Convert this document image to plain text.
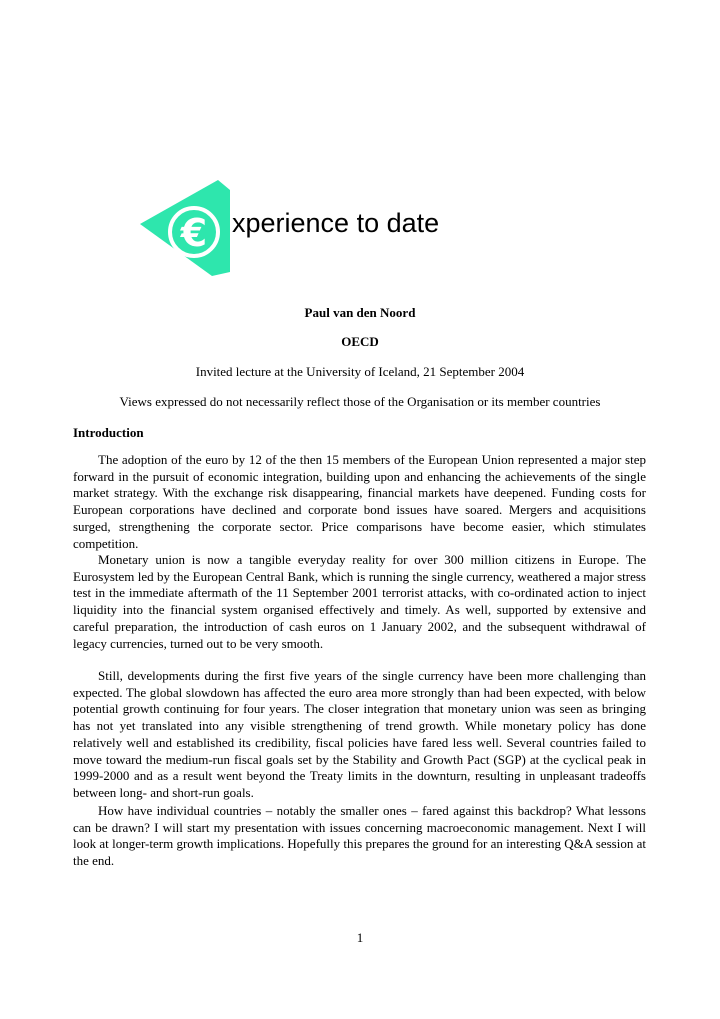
€ xperience to date
Paul van den Noord
OECD
Invited lecture at the University of Iceland, 21 September 2004
Views expressed do not necessarily reflect those of the Organisation or its member countries
Introduction

The adoption of the euro by 12 of the then 15 members of the European Union represented a major step forward in the pursuit of economic integration, building upon and enhancing the achievements of the single market strategy. With the exchange risk disappearing, financial markets have deepened. Funding costs for European corporations have declined and corporate bond issues have soared. Mergers and acquisitions surged, strengthening the corporate sector. Price comparisons have become easier, which stimulates competition.

Monetary union is now a tangible everyday reality for over 300 million citizens in Europe. The Eurosystem led by the European Central Bank, which is running the single currency, weathered a major stress test in the immediate aftermath of the 11 September 2001 terrorist attacks, with co-ordinated action to inject liquidity into the financial system organised effectively and timely. As well, supported by extensive and careful preparation, the introduction of cash euros on 1 January 2002, and the subsequent withdrawal of legacy currencies, turned out to be very smooth.

Still, developments during the first five years of the single currency have been more challenging than expected. The global slowdown has affected the euro area more strongly than had been expected, with below potential growth continuing for four years. The closer integration that monetary union was seen as bringing has not yet translated into any visible strengthening of trend growth. While monetary policy has done relatively well and established its credibility, fiscal policies have fared less well. Several countries failed to move toward the medium-run fiscal goals set by the Stability and Growth Pact (SGP) at the cyclical peak in 1999-2000 and as a result went beyond the Treaty limits in the downturn, resulting in unpleasant tradeoffs between long- and short-run goals.

How have individual countries – notably the smaller ones – fared against this backdrop? What lessons can be drawn? I will start my presentation with issues concerning macroeconomic management. Next I will look at longer-term growth implications. Hopefully this prepares the ground for an interesting Q&A session at the end.

1
